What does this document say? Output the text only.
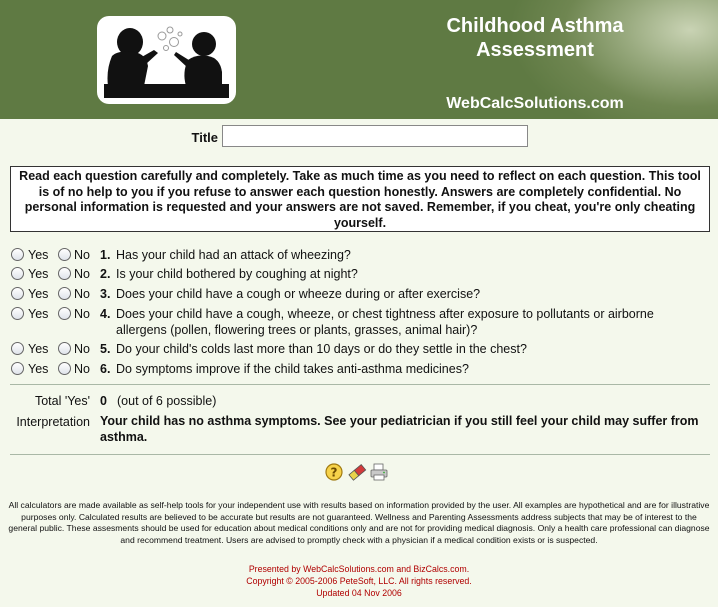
Childhood Asthma Assessment
WebCalcSolutions.com
Title
Read each question carefully and completely. Take as much time as you need to reflect on each question. This tool is of no help to you if you refuse to answer each question honestly. Answers are completely confidential. No personal information is requested and your answers are not saved. Remember, if you cheat, you're only cheating yourself.
Yes No 1. Has your child had an attack of wheezing?
Yes No 2. Is your child bothered by coughing at night?
Yes No 3. Does your child have a cough or wheeze during or after exercise?
Yes No 4. Does your child have a cough, wheeze, or chest tightness after exposure to pollutants or airborne allergens (pollen, flowering trees or plants, grasses, animal hair)?
Yes No 5. Do your child's colds last more than 10 days or do they settle in the chest?
Yes No 6. Do symptoms improve if the child takes anti-asthma medicines?
Total 'Yes' 0 (out of 6 possible)
Interpretation Your child has no asthma symptoms. See your pediatrician if you still feel your child may suffer from asthma.
?
All calculators are made available as self-help tools for your independent use with results based on information provided by the user. All examples are hypothetical and are for illustrative purposes only. Calculated results are believed to be accurate but results are not guaranteed. Wellness and Parenting Assessments address subjects that may be of interest to the general public. These assesments should be used for education about medical conditions only and are not for providing medical diagnosis. Only a health care professional can diagnose and recommend treatment. Users are advised to promptly check with a physician if a medical condition exists or is suspected.
Presented by WebCalcSolutions.com and BizCalcs.com.
Copyright © 2005-2006 PeteSoft, LLC. All rights reserved.
Updated 04 Nov 2006
